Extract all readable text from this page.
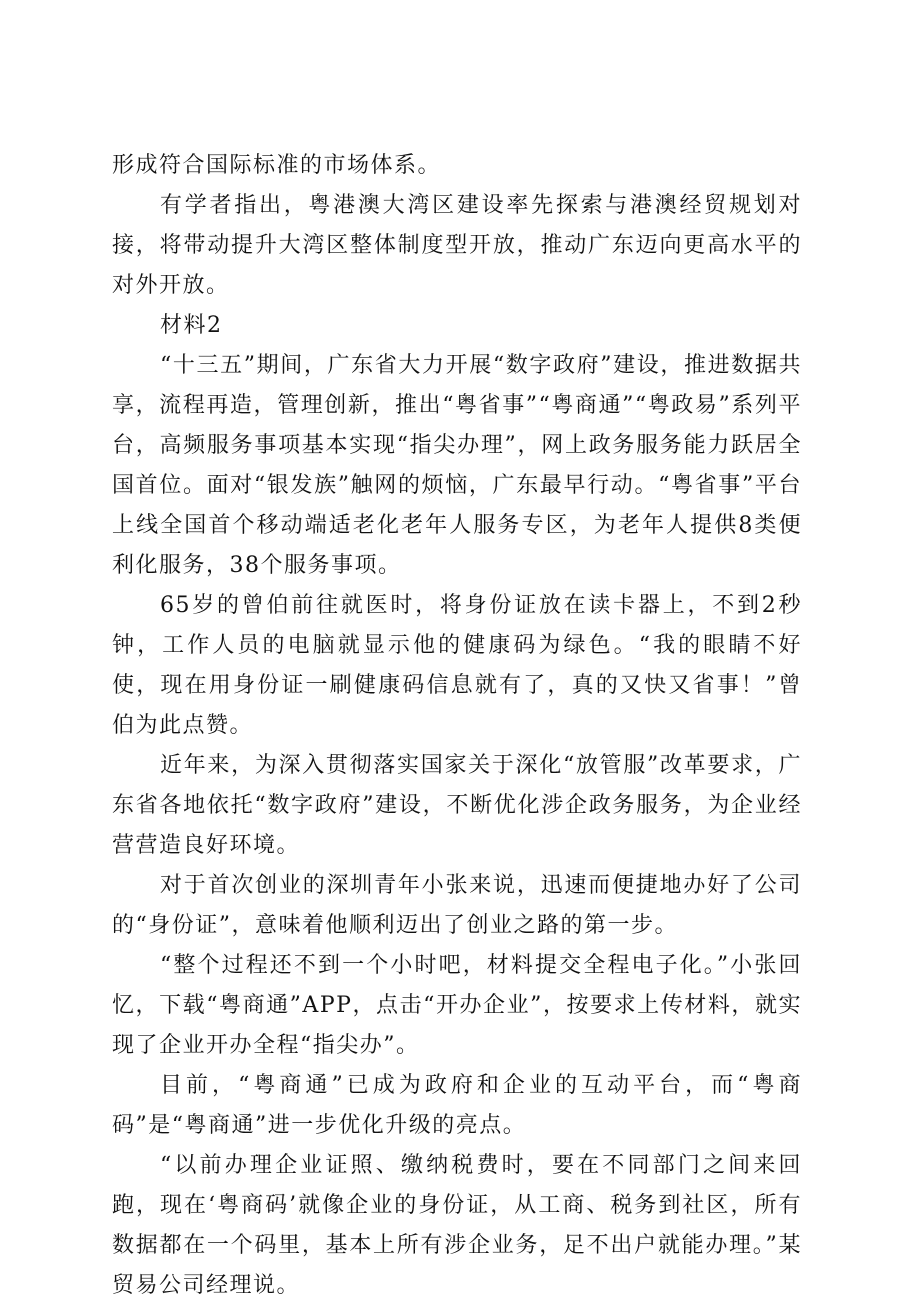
形成符合国际标准的市场体系。

有学者指出，粤港澳大湾区建设率先探索与港澳经贸规划对接，将带动提升大湾区整体制度型开放，推动广东迈向更高水平的对外开放。

材料2

“十三五”期间，广东省大力开展“数字政府”建设，推进数据共享，流程再造，管理创新，推出“粤省事”“粤商通”“粤政易”系列平台，高频服务事项基本实现“指尖办理”，网上政务服务能力跃居全国首位。面对“银发族”触网的烦恼，广东最早行动。“粤省事”平台上线全国首个移动端适老化老年人服务专区，为老年人提供8类便利化服务，38个服务事项。

65岁的曾伯前往就医时，将身份证放在读卡器上，不到2秒钟，工作人员的电脑就显示他的健康码为绿色。“我的眼睛不好使，现在用身份证一刷健康码信息就有了，真的又快又省事！”曾伯为此点赞。

近年来，为深入贯彻落实国家关于深化“放管服”改革要求，广东省各地依托“数字政府”建设，不断优化涉企政务服务，为企业经营营造良好环境。

对于首次创业的深圳青年小张来说，迅速而便捷地办好了公司的“身份证”，意味着他顺利迈出了创业之路的第一步。

“整个过程还不到一个小时吧，材料提交全程电子化。”小张回忆，下载“粤商通”APP，点击“开办企业”，按要求上传材料，就实现了企业开办全程“指尖办”。

目前，“粤商通”已成为政府和企业的互动平台，而“粤商码”是“粤商通”进一步优化升级的亮点。

“以前办理企业证照、缴纳税费时，要在不同部门之间来回跑，现在‘粤商码’就像企业的身份证，从工商、税务到社区，所有数据都在一个码里，基本上所有涉企业务，足不出户就能办理。”某贸易公司经理说。
